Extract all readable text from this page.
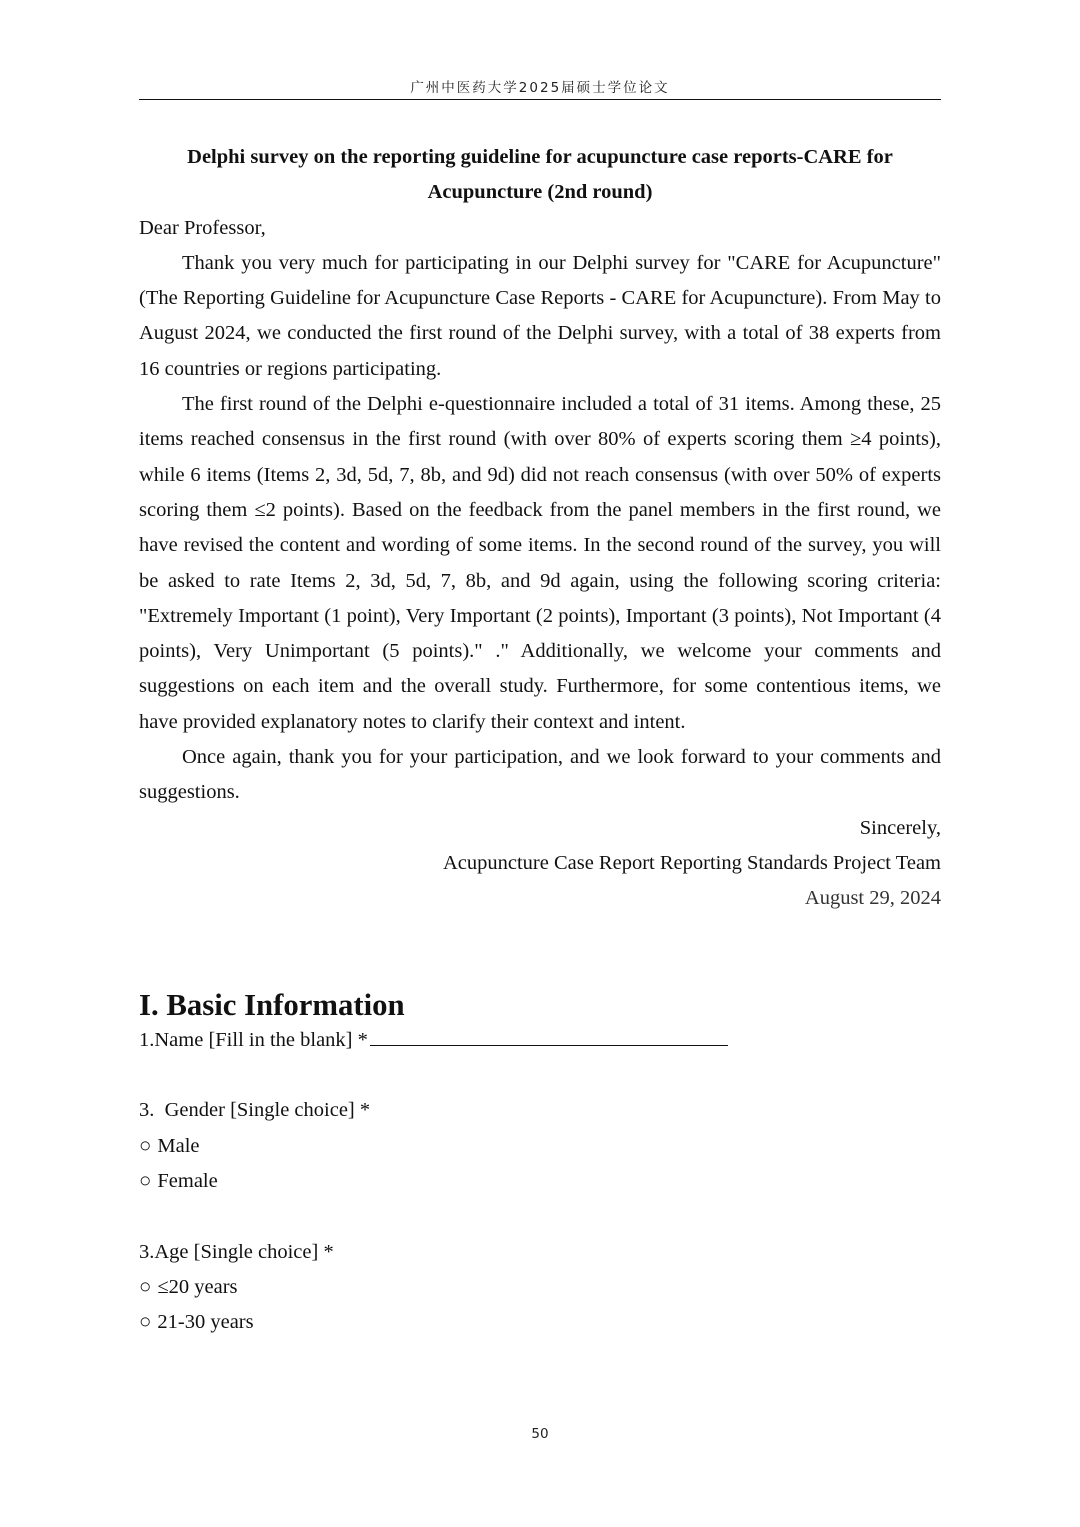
广州中医药大学2025届硕士学位论文
Delphi survey on the reporting guideline for acupuncture case reports-CARE for
Acupuncture (2nd round)

Dear Professor,

Thank you very much for participating in our Delphi survey for "CARE for Acupuncture" (The Reporting Guideline for Acupuncture Case Reports - CARE for Acupuncture). From May to August 2024, we conducted the first round of the Delphi survey, with a total of 38 experts from 16 countries or regions participating.

The first round of the Delphi e-questionnaire included a total of 31 items. Among these, 25 items reached consensus in the first round (with over 80% of experts scoring them ≥4 points), while 6 items (Items 2, 3d, 5d, 7, 8b, and 9d) did not reach consensus (with over 50% of experts scoring them ≤2 points). Based on the feedback from the panel members in the first round, we have revised the content and wording of some items. In the second round of the survey, you will be asked to rate Items 2, 3d, 5d, 7, 8b, and 9d again, using the following scoring criteria: "Extremely Important (1 point), Very Important (2 points), Important (3 points), Not Important (4 points), Very Unimportant (5 points)." ." Additionally, we welcome your comments and suggestions on each item and the overall study. Furthermore, for some contentious items, we have provided explanatory notes to clarify their context and intent.

Once again, thank you for your participation, and we look forward to your comments and suggestions.

Sincerely,

Acupuncture Case Report Reporting Standards Project Team

August 29, 2024

I. Basic Information

1.Name [Fill in the blank] *

3.  Gender [Single choice] *

○ Male
○ Female

3.Age [Single choice] *

○ ≤20 years
○ 21-30 years
50
